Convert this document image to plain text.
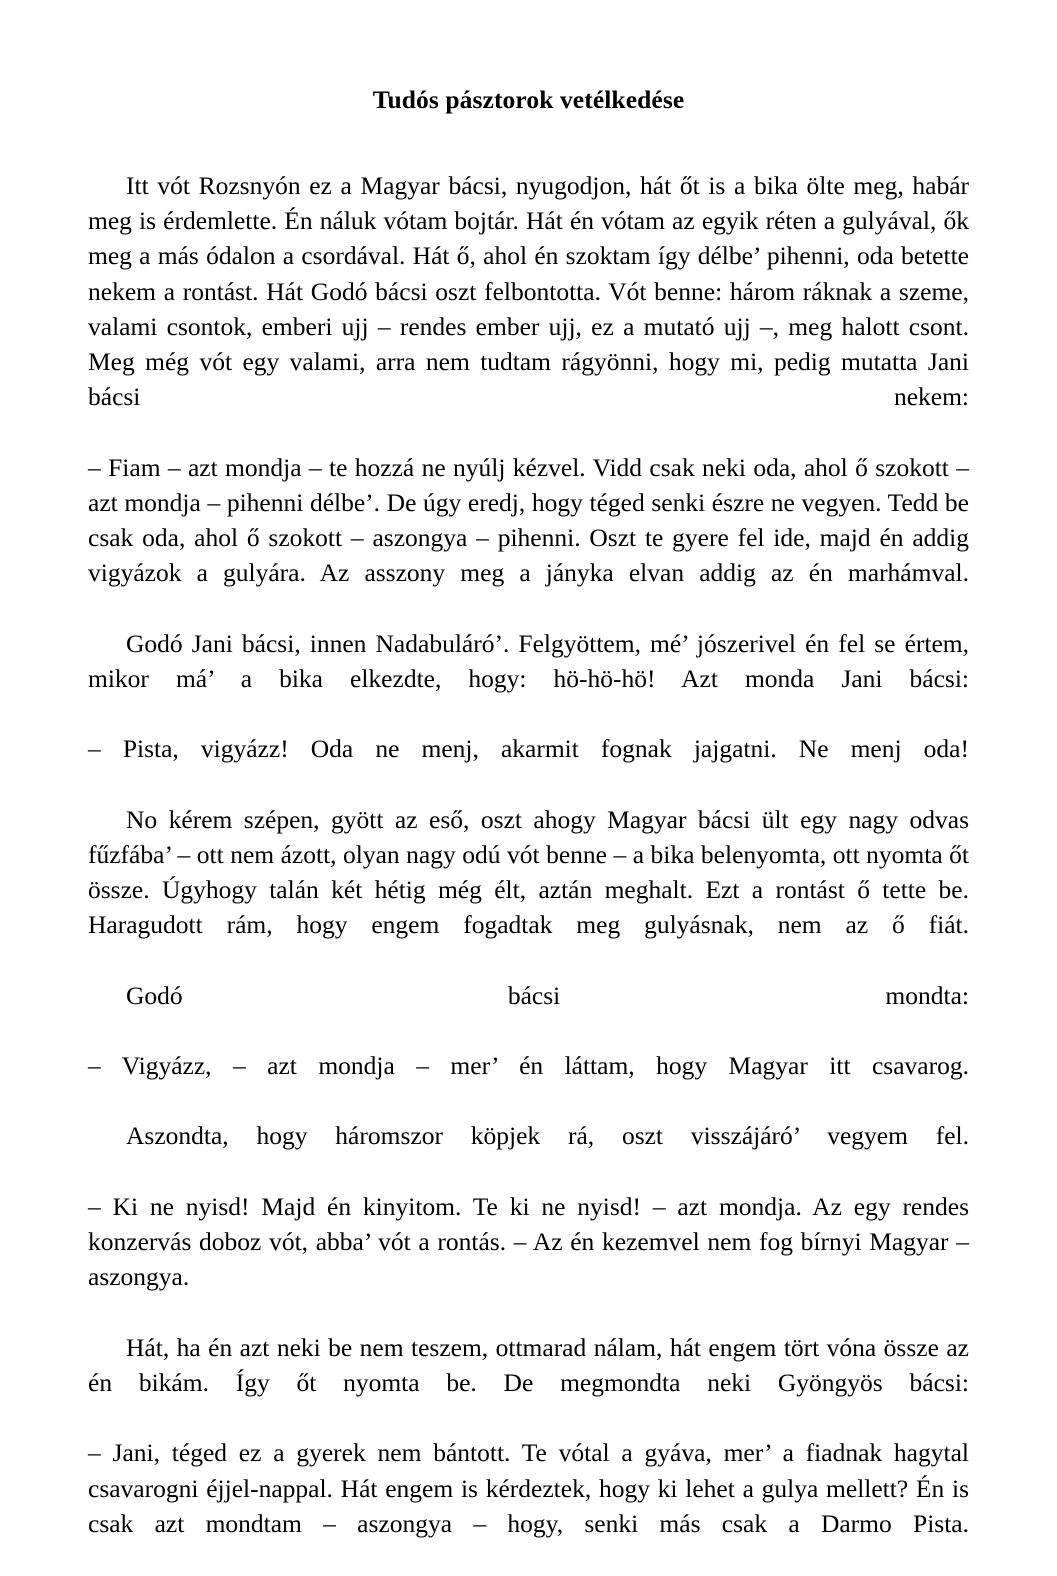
Tudós pásztorok vetélkedése

Itt vót Rozsnyón ez a Magyar bácsi, nyugodjon, hát őt is a bika ölte meg, habár meg is érdemlette. Én náluk vótam bojtár. Hát én vótam az egyik réten a gulyával, ők meg a más ódalon a csordával. Hát ő, ahol én szoktam így délbe’ pihenni, oda betette nekem a rontást. Hát Godó bácsi oszt felbontotta. Vót benne: három ráknak a szeme, valami csontok, emberi ujj – rendes ember ujj, ez a mutató ujj –, meg halott csont. Meg még vót egy valami, arra nem tudtam rágyönni, hogy mi, pedig mutatta Jani bácsi nekem:

– Fiam – azt mondja – te hozzá ne nyúlj kézvel. Vidd csak neki oda, ahol ő szokott – azt mondja – pihenni délbe’. De úgy eredj, hogy téged senki észre ne vegyen. Tedd be csak oda, ahol ő szokott – aszongya – pihenni. Oszt te gyere fel ide, majd én addig vigyázok a gulyára. Az asszony meg a jányka elvan addig az én marhámval.

Godó Jani bácsi, innen Nadabuláró’. Felgyöttem, mé’ jószerivel én fel se értem, mikor má’ a bika elkezdte, hogy: hö-hö-hö! Azt monda Jani bácsi:

– Pista, vigyázz! Oda ne menj, akarmit fognak jajgatni. Ne menj oda!

No kérem szépen, gyött az eső, oszt ahogy Magyar bácsi ült egy nagy odvas fűzfába’ – ott nem ázott, olyan nagy odú vót benne – a bika belenyomta, ott nyomta őt össze. Úgyhogy talán két hétig még élt, aztán meghalt. Ezt a rontást ő tette be. Haragudott rám, hogy engem fogadtak meg gulyásnak, nem az ő fiát.

Godó bácsi mondta:

– Vigyázz, – azt mondja – mer’ én láttam, hogy Magyar itt csavarog.

Aszondta, hogy háromszor köpjek rá, oszt visszájáró’ vegyem fel.

– Ki ne nyisd! Majd én kinyitom. Te ki ne nyisd! – azt mondja. Az egy rendes konzervás doboz vót, abba’ vót a rontás. – Az én kezemvel nem fog bírnyi Magyar – aszongya.

Hát, ha én azt neki be nem teszem, ottmarad nálam, hát engem tört vóna össze az én bikám. Így őt nyomta be. De megmondta neki Gyöngyös bácsi:

– Jani, téged ez a gyerek nem bántott. Te vótal a gyáva, mer’ a fiadnak hagytal csavarogni éjjel-nappal. Hát engem is kérdeztek, hogy ki lehet a gulya mellett? Én is csak azt mondtam – aszongya – hogy, senki más csak a Darmo Pista.
